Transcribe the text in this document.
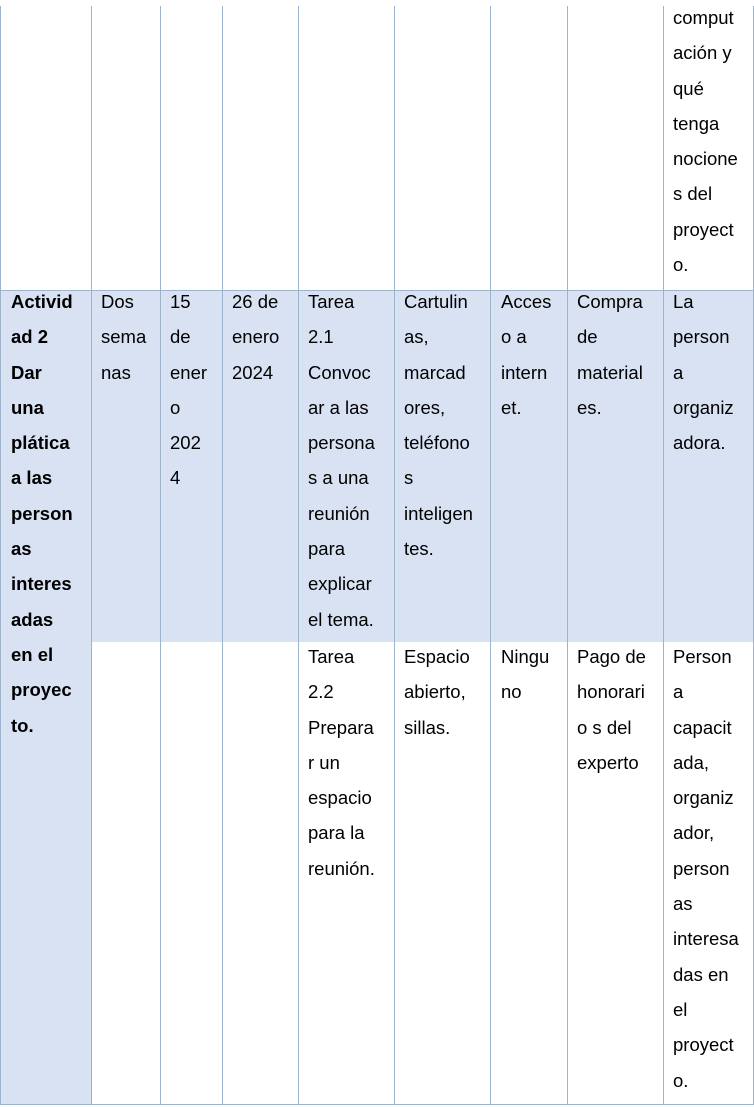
comput
ación y
qué
tenga
nocione
s del
proyect
o.
Activid
ad 2
Dar
una
plática
a las
person
as
interes
adas
en el
proyec
to.
Dos
sema
nas
15
de
ener
o
202
4
26 de
enero
2024
Tarea
2.1
Convoc
ar a las
persona
s a una
reunión
para
explicar
el tema.
Cartulin
as,
marcad
ores,
teléfono
s
inteligen
tes.
Acces
o a
intern
et.
Compra
de
material
es.
La
person
a
organiz
adora.
Tarea
2.2
Prepara
r un
espacio
para la
reunión.
Espacio
abierto,
sillas.
Ningu
no
Pago de
honorari
o s del
experto
Person
a
capacit
ada,
organiz
ador,
person
as
interesa
das en
el
proyect
o.
